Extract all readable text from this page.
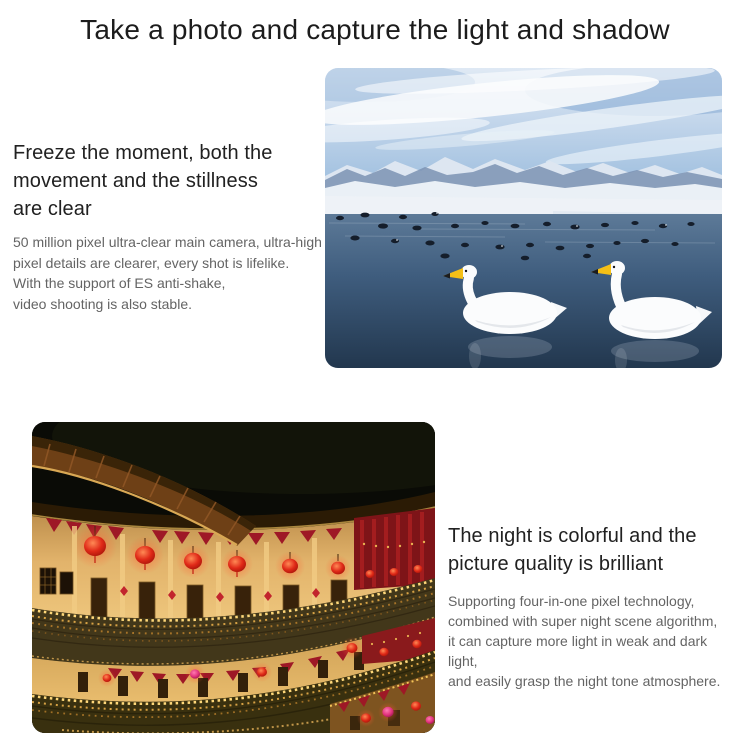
Take a photo and capture the light and shadow
Freeze the moment, both the
movement and the stillness
are clear
50 million pixel ultra-clear main camera, ultra-high
pixel details are clearer, every shot is lifelike.
With the support of ES anti-shake,
video shooting is also stable.
The night is colorful and the
picture quality is brilliant
Supporting four-in-one pixel technology,
combined with super night scene algorithm,
it can capture more light in weak and dark light,
and easily grasp the night tone atmosphere.
